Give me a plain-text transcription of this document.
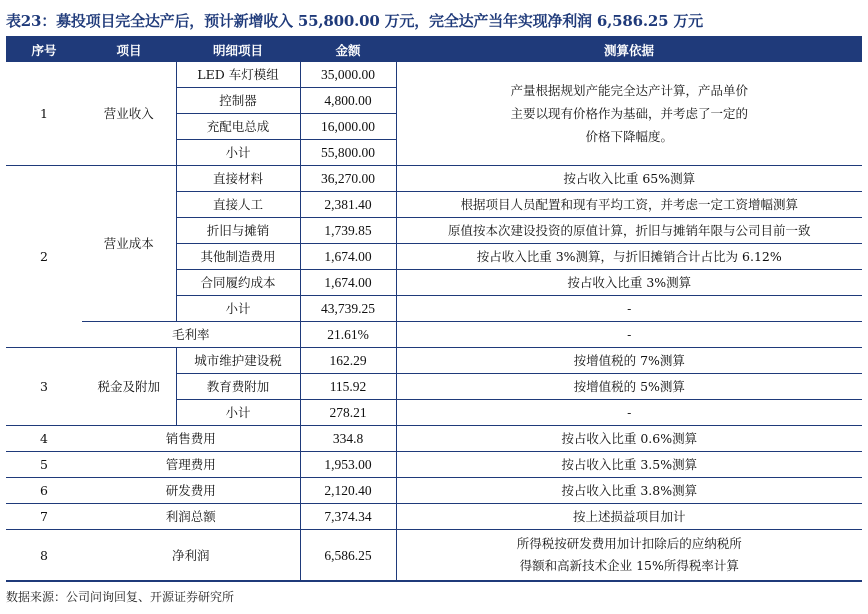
表23：募投项目完全达产后，预计新增收入 55,800.00 万元，完全达产当年实现净利润 6,586.25 万元
序号	项目	明细项目	金额	测算依据
1	营业收入	LED 车灯模组	35,000.00	产量根据规划产能完全达产计算，产品单价
主要以现有价格作为基础，并考虑了一定的
价格下降幅度。

		控制器	4,800.00	
		充配电总成	16,000.00	
		小计	55,800.00	
2	营业成本	直接材料	36,270.00	按占收入比重 65%测算
		直接人工	2,381.40	根据项目人员配置和现有平均工资，并考虑一定工资增幅测算
		折旧与摊销	1,739.85	原值按本次建设投资的原值计算，折旧与摊销年限与公司目前一致
		其他制造费用	1,674.00	按占收入比重 3%测算，与折旧摊销合计占比为 6.12%
		合同履约成本	1,674.00	按占收入比重 3%测算
		小计	43,739.25	-
	毛利率		21.61%	-
3	税金及附加	城市维护建设税	162.29	按增值税的 7%测算
		教育费附加	115.92	按增值税的 5%测算
		小计	278.21	-
4	销售费用		334.8	按占收入比重 0.6%测算
5	管理费用		1,953.00	按占收入比重 3.5%测算
6	研发费用		2,120.40	按占收入比重 3.8%测算
7	利润总额		7,374.34	按上述损益项目加计
8	净利润		6,586.25	所得税按研发费用加计扣除后的应纳税所
得额和高新技术企业 15%所得税率计算
数据来源：公司问询回复、开源证券研究所
